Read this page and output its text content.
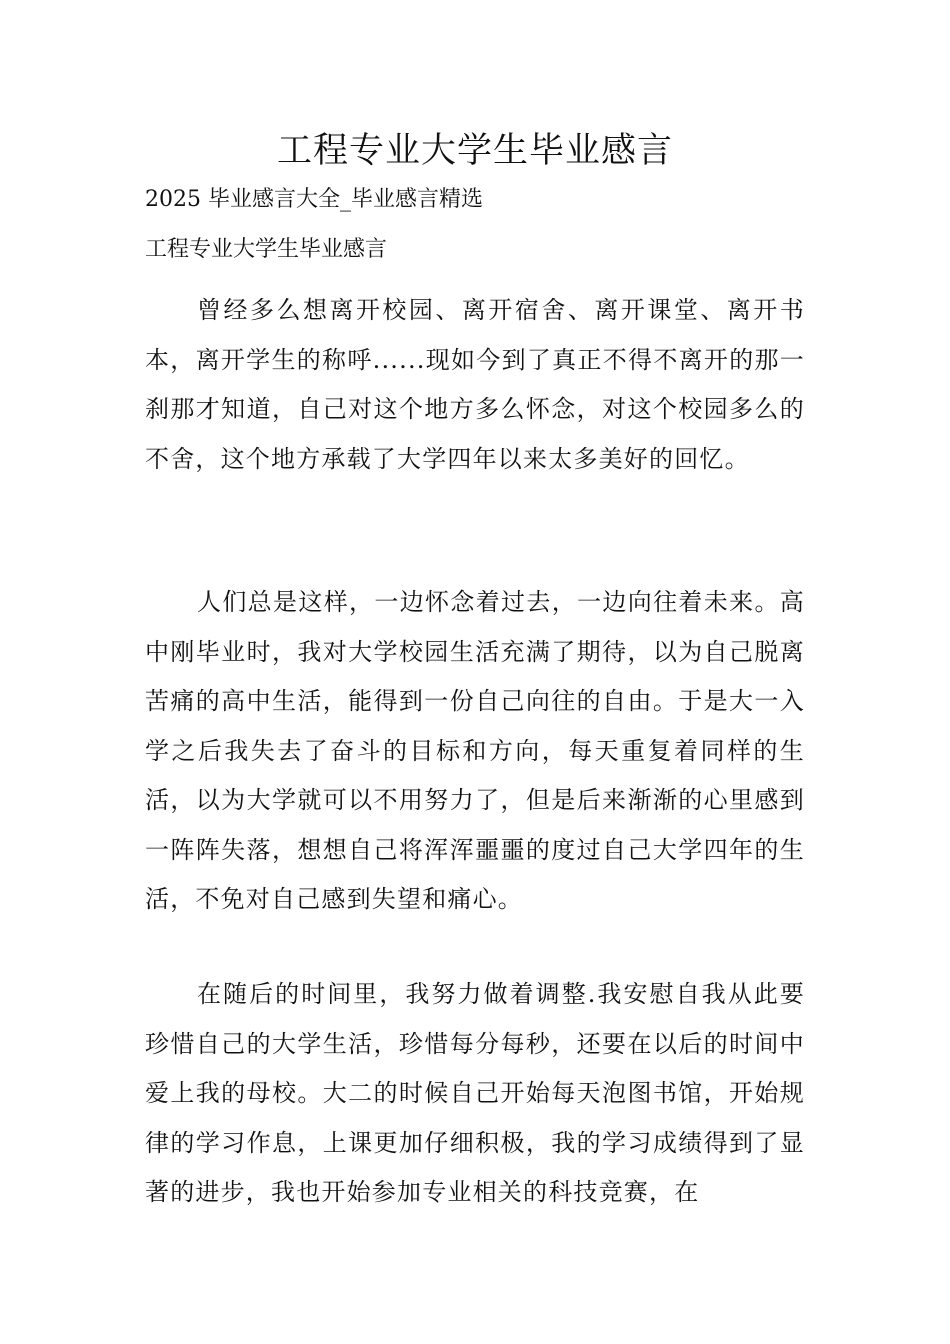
工程专业大学生毕业感言

2025 毕业感言大全_毕业感言精选

工程专业大学生毕业感言

曾经多么想离开校园、离开宿舍、离开课堂、离开书本，离开学生的称呼......现如今到了真正不得不离开的那一刹那才知道，自己对这个地方多么怀念，对这个校园多么的不舍，这个地方承载了大学四年以来太多美好的回忆。

人们总是这样，一边怀念着过去，一边向往着未来。高中刚毕业时，我对大学校园生活充满了期待，以为自己脱离苦痛的高中生活，能得到一份自己向往的自由。于是大一入学之后我失去了奋斗的目标和方向，每天重复着同样的生活，以为大学就可以不用努力了，但是后来渐渐的心里感到一阵阵失落，想想自己将浑浑噩噩的度过自己大学四年的生活，不免对自己感到失望和痛心。

在随后的时间里，我努力做着调整.我安慰自我从此要珍惜自己的大学生活，珍惜每分每秒，还要在以后的时间中爱上我的母校。大二的时候自己开始每天泡图书馆，开始规律的学习作息，上课更加仔细积极，我的学习成绩得到了显著的进步，我也开始参加专业相关的科技竞赛，在
